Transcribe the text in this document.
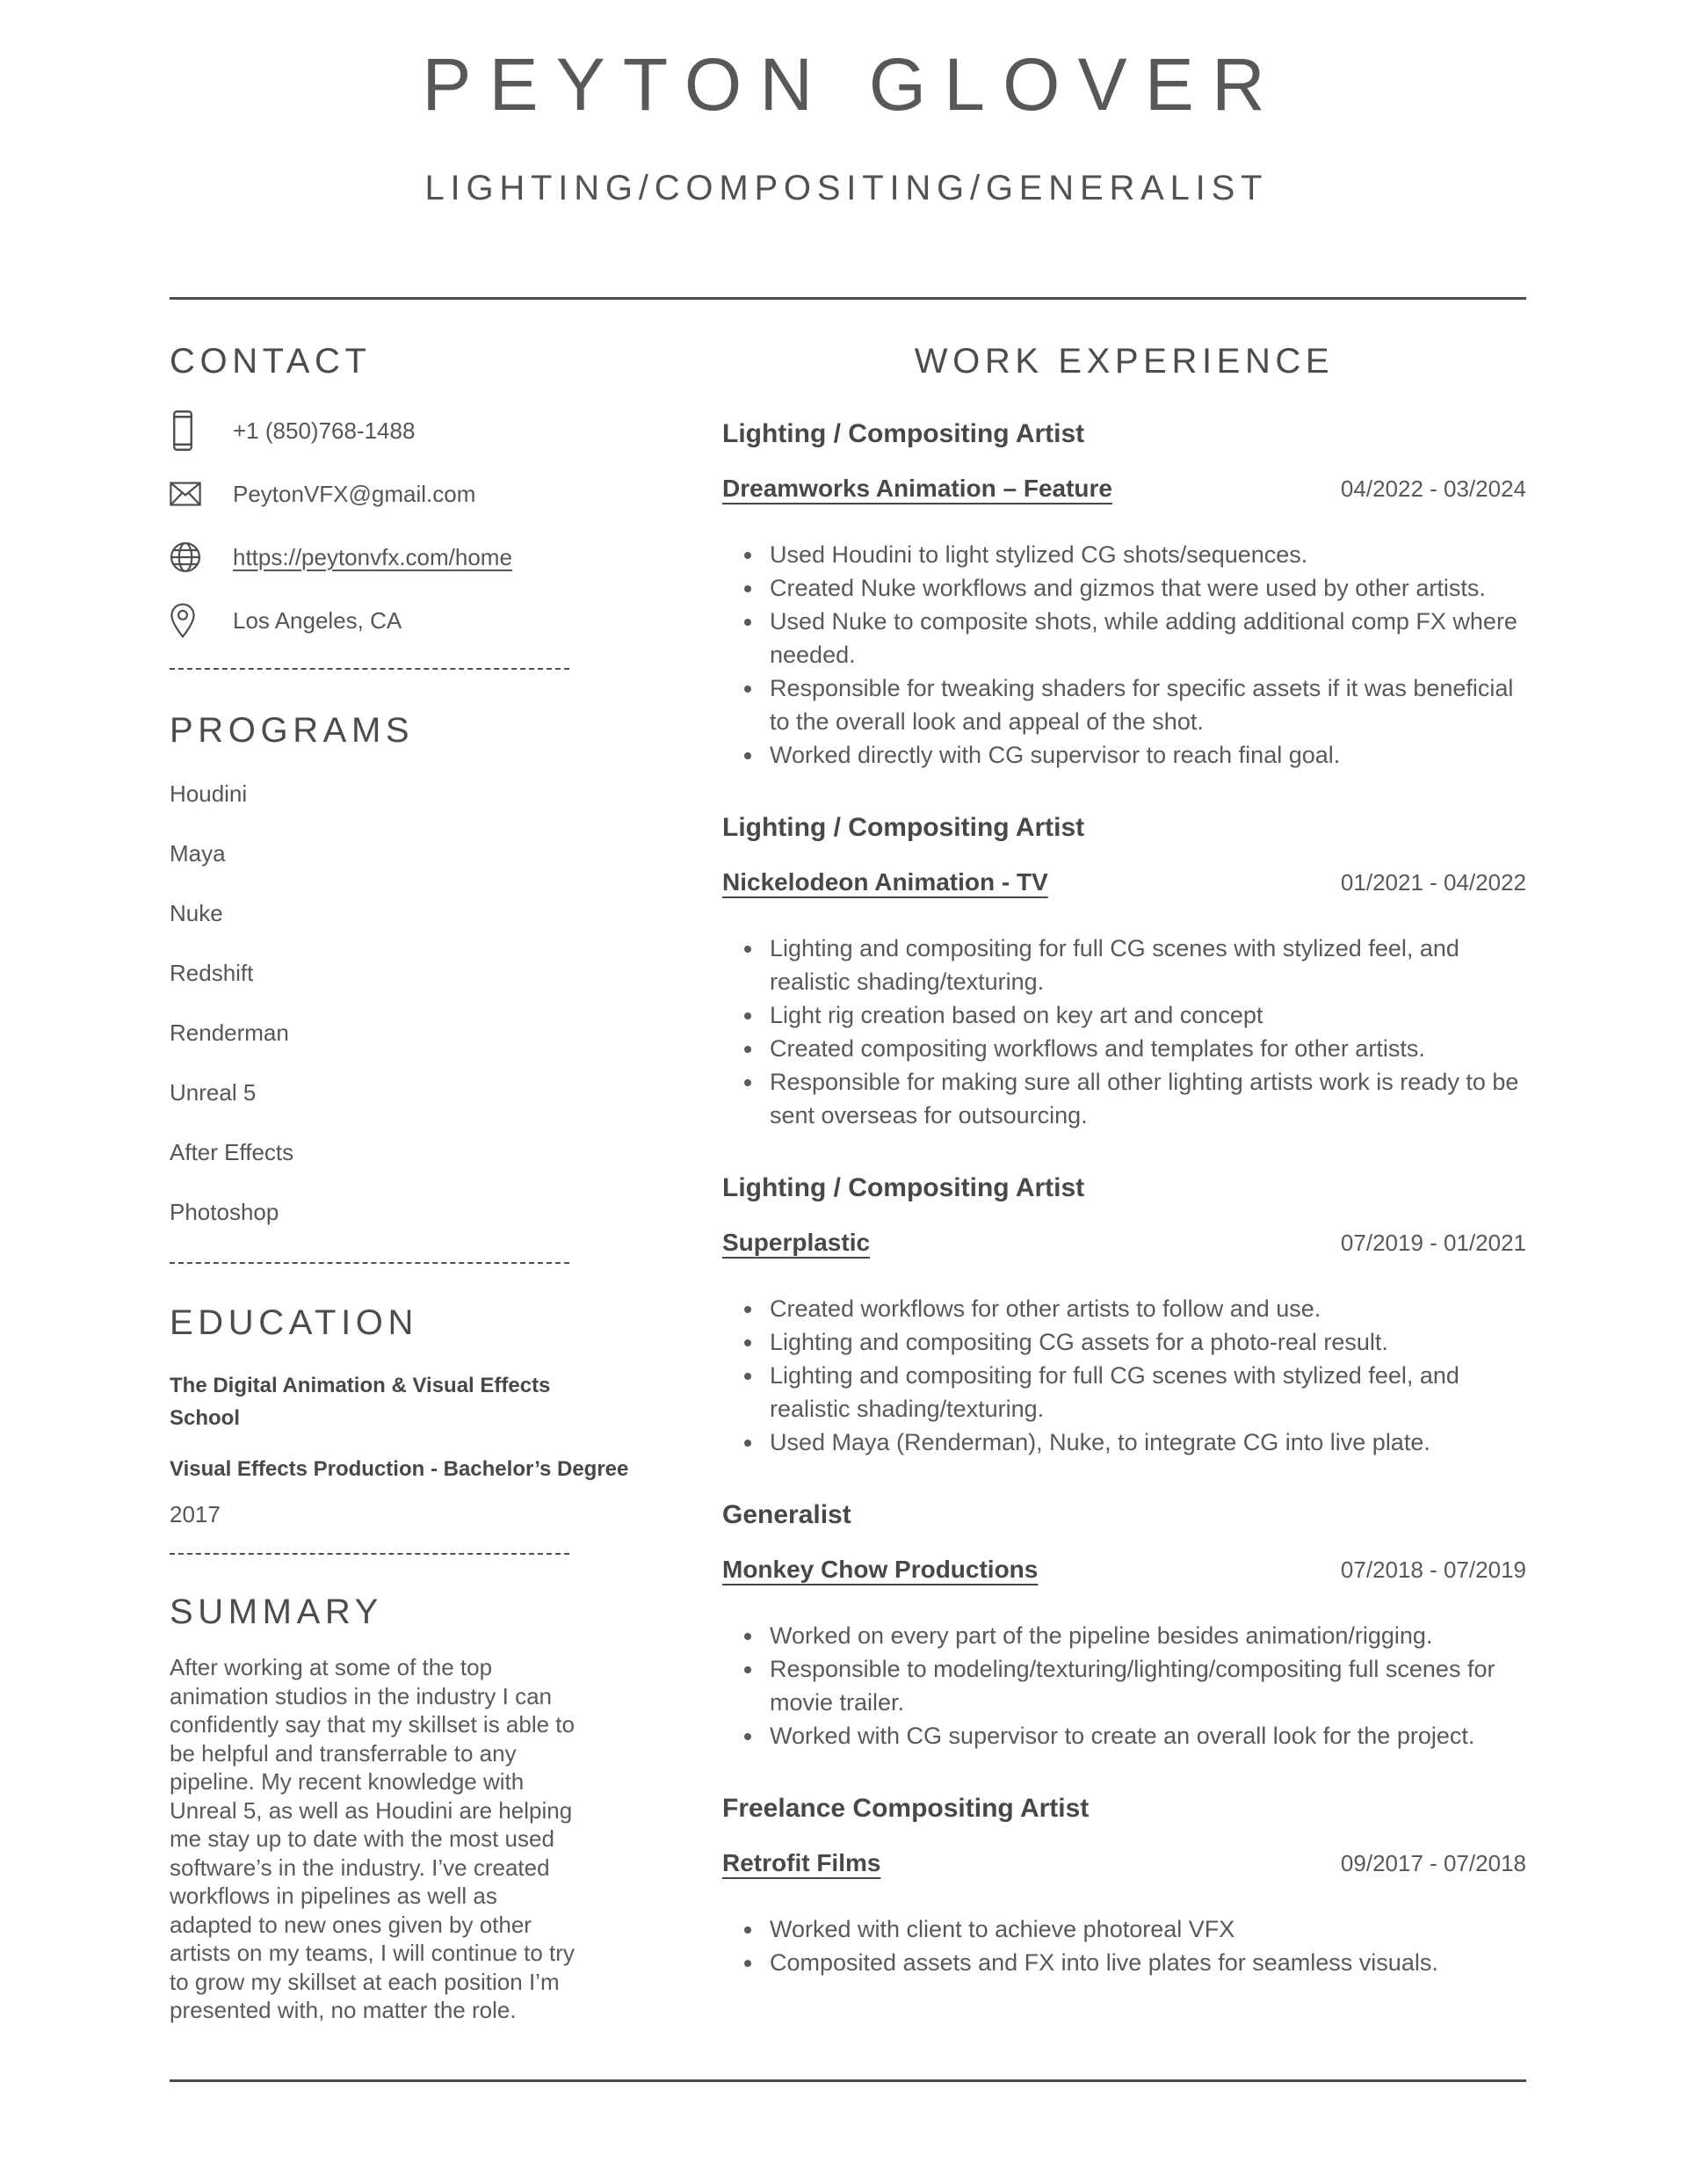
PEYTON GLOVER
LIGHTING/COMPOSITING/GENERALIST
CONTACT
+1 (850)768-1488
PeytonVFX@gmail.com
https://peytonvfx.com/home
Los Angeles, CA
PROGRAMS
Houdini
Maya
Nuke
Redshift
Renderman
Unreal 5
After Effects
Photoshop
EDUCATION

The Digital Animation & Visual Effects School

Visual Effects Production - Bachelor’s Degree

2017

SUMMARY

After working at some of the top animation studios in the industry I can confidently say that my skillset is able to be helpful and transferrable to any pipeline. My recent knowledge with Unreal 5, as well as Houdini are helping me stay up to date with the most used software’s in the industry. I’ve created workflows in pipelines as well as adapted to new ones given by other artists on my teams, I will continue to try to grow my skillset at each position I’m presented with, no matter the role.

WORK EXPERIENCE
Lighting / Compositing Artist
Dreamworks Animation – Feature	04/2022 - 03/2024
• Used Houdini to light stylized CG shots/sequences.
• Created Nuke workflows and gizmos that were used by other artists.
• Used Nuke to composite shots, while adding additional comp FX where needed.
• Responsible for tweaking shaders for specific assets if it was beneficial to the overall look and appeal of the shot.
• Worked directly with CG supervisor to reach final goal.
Lighting / Compositing Artist
Nickelodeon Animation - TV	01/2021 - 04/2022
• Lighting and compositing for full CG scenes with stylized feel, and realistic shading/texturing.
• Light rig creation based on key art and concept
• Created compositing workflows and templates for other artists.
• Responsible for making sure all other lighting artists work is ready to be sent overseas for outsourcing.
Lighting / Compositing Artist
Superplastic	07/2019 - 01/2021
• Created workflows for other artists to follow and use.
• Lighting and compositing CG assets for a photo-real result.
• Lighting and compositing for full CG scenes with stylized feel, and realistic shading/texturing.
• Used Maya (Renderman), Nuke, to integrate CG into live plate.
Generalist
Monkey Chow Productions	07/2018 - 07/2019
• Worked on every part of the pipeline besides animation/rigging.
• Responsible to modeling/texturing/lighting/compositing full scenes for movie trailer.
• Worked with CG supervisor to create an overall look for the project.
Freelance Compositing Artist
Retrofit Films	09/2017 - 07/2018
• Worked with client to achieve photoreal VFX
• Composited assets and FX into live plates for seamless visuals.
